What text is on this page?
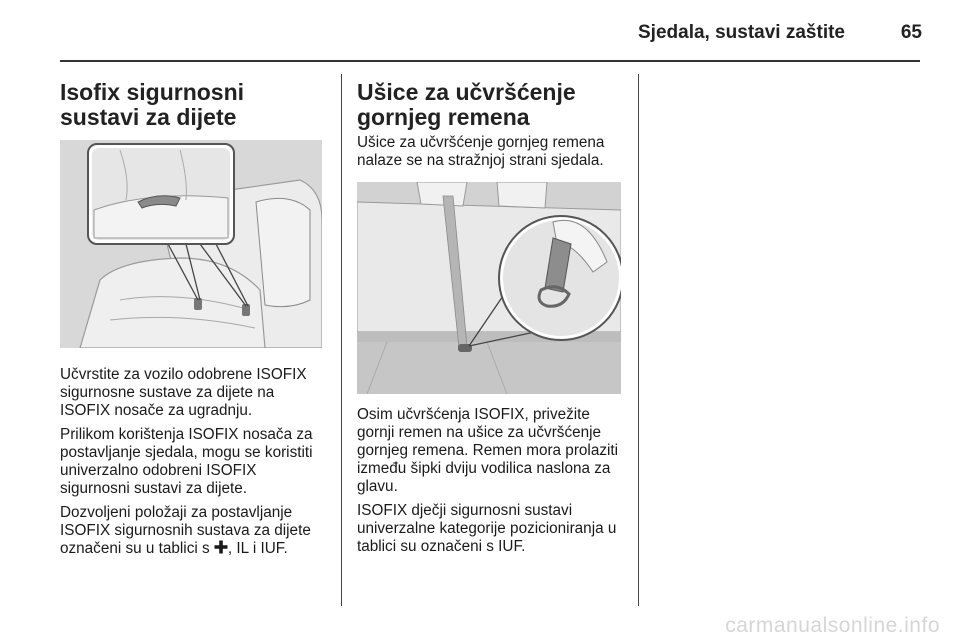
Sjedala, sustavi zaštite	65
Isofix sigurnosni sustavi za dijete

Učvrstite za vozilo odobrene ISOFIX sigurnosne sustave za dijete na ISOFIX nosače za ugradnju.

Prilikom korištenja ISOFIX nosača za postavljanje sjedala, mogu se koristiti univerzalno odobreni ISOFIX sigurnosni sustavi za dijete.

Dozvoljeni položaji za postavljanje ISOFIX sigurnosnih sustava za dijete označeni su u tablici s , IL i IUF.

Ušice za učvršćenje gornjeg remena

Ušice za učvršćenje gornjeg remena nalaze se na stražnjoj strani sjedala.

Osim učvršćenja ISOFIX, privežite gornji remen na ušice za učvršćenje gornjeg remena. Remen mora prolaziti između šipki dviju vodilica naslona za glavu.

ISOFIX dječji sigurnosni sustavi univerzalne kategorije pozicioniranja u tablici su označeni s IUF.

carmanualsonline.info
